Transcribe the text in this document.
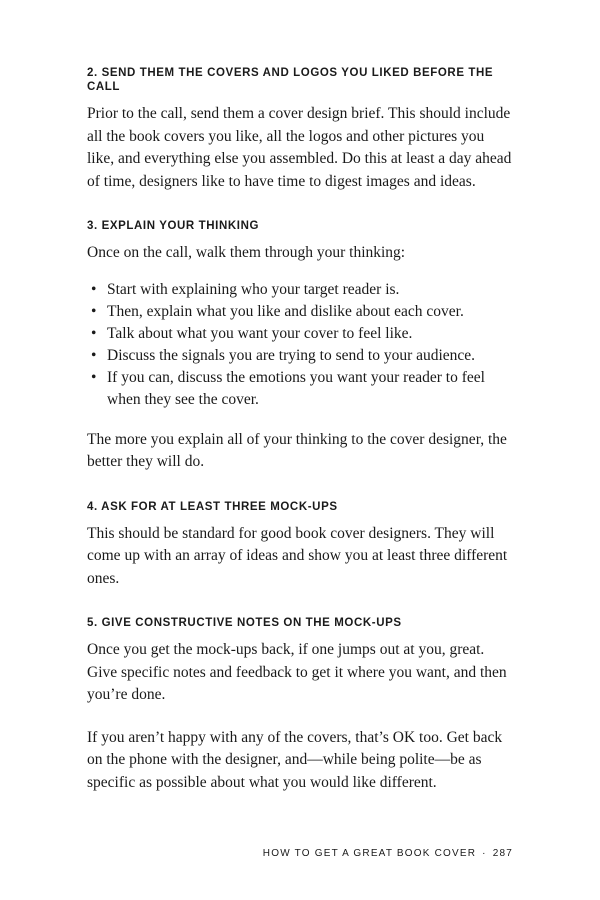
2. SEND THEM THE COVERS AND LOGOS YOU LIKED BEFORE THE CALL

Prior to the call, send them a cover design brief. This should include all the book covers you like, all the logos and other pictures you like, and everything else you assembled. Do this at least a day ahead of time, designers like to have time to digest images and ideas.

3. EXPLAIN YOUR THINKING

Once on the call, walk them through your thinking:

• Start with explaining who your target reader is.
• Then, explain what you like and dislike about each cover.
• Talk about what you want your cover to feel like.
• Discuss the signals you are trying to send to your audience.
• If you can, discuss the emotions you want your reader to feel when they see the cover.

The more you explain all of your thinking to the cover designer, the better they will do.

4. ASK FOR AT LEAST THREE MOCK-UPS

This should be standard for good book cover designers. They will come up with an array of ideas and show you at least three different ones.

5. GIVE CONSTRUCTIVE NOTES ON THE MOCK-UPS

Once you get the mock-ups back, if one jumps out at you, great. Give specific notes and feedback to get it where you want, and then you’re done.

If you aren’t happy with any of the covers, that’s OK too. Get back on the phone with the designer, and—while being polite—be as specific as possible about what you would like different.

HOW TO GET A GREAT BOOK COVER · 287
